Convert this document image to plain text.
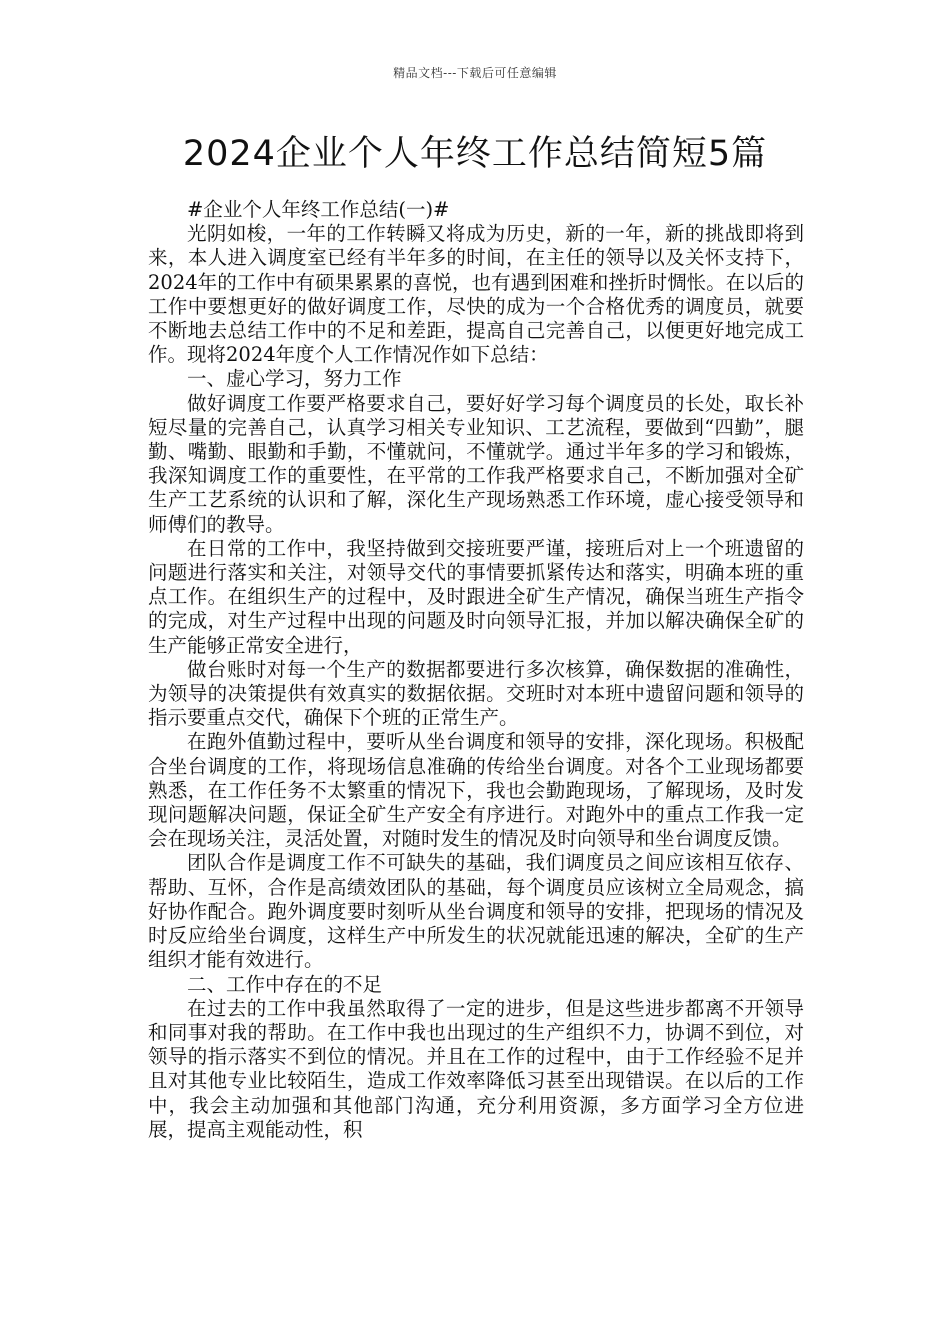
精品文档---下载后可任意编辑
2024企业个人年终工作总结简短5篇

#企业个人年终工作总结(一)#

光阴如梭，一年的工作转瞬又将成为历史，新的一年，新的挑战即将到来，本人进入调度室已经有半年多的时间，在主任的领导以及关怀支持下，2024年的工作中有硕果累累的喜悦，也有遇到困难和挫折时惆怅。在以后的工作中要想更好的做好调度工作，尽快的成为一个合格优秀的调度员，就要不断地去总结工作中的不足和差距，提高自己完善自己，以便更好地完成工作。现将2024年度个人工作情况作如下总结：

一、虚心学习，努力工作

做好调度工作要严格要求自己，要好好学习每个调度员的长处，取长补短尽量的完善自己，认真学习相关专业知识、工艺流程，要做到“四勤”，腿勤、嘴勤、眼勤和手勤，不懂就问，不懂就学。通过半年多的学习和锻炼，我深知调度工作的重要性，在平常的工作我严格要求自己，不断加强对全矿生产工艺系统的认识和了解，深化生产现场熟悉工作环境，虚心接受领导和师傅们的教导。

在日常的工作中，我坚持做到交接班要严谨，接班后对上一个班遗留的问题进行落实和关注，对领导交代的事情要抓紧传达和落实，明确本班的重点工作。在组织生产的过程中，及时跟进全矿生产情况，确保当班生产指令的完成，对生产过程中出现的问题及时向领导汇报，并加以解决确保全矿的生产能够正常安全进行，

做台账时对每一个生产的数据都要进行多次核算，确保数据的准确性，为领导的决策提供有效真实的数据依据。交班时对本班中遗留问题和领导的指示要重点交代，确保下个班的正常生产。

在跑外值勤过程中，要听从坐台调度和领导的安排，深化现场。积极配合坐台调度的工作，将现场信息准确的传给坐台调度。对各个工业现场都要熟悉，在工作任务不太繁重的情况下，我也会勤跑现场，了解现场，及时发现问题解决问题，保证全矿生产安全有序进行。对跑外中的重点工作我一定会在现场关注，灵活处置，对随时发生的情况及时向领导和坐台调度反馈。

团队合作是调度工作不可缺失的基础，我们调度员之间应该相互依存、帮助、互怀，合作是高绩效团队的基础，每个调度员应该树立全局观念，搞好协作配合。跑外调度要时刻听从坐台调度和领导的安排，把现场的情况及时反应给坐台调度，这样生产中所发生的状况就能迅速的解决，全矿的生产组织才能有效进行。

二、工作中存在的不足

在过去的工作中我虽然取得了一定的进步，但是这些进步都离不开领导和同事对我的帮助。在工作中我也出现过的生产组织不力，协调不到位，对领导的指示落实不到位的情况。并且在工作的过程中，由于工作经验不足并且对其他专业比较陌生，造成工作效率降低习甚至出现错误。在以后的工作中，我会主动加强和其他部门沟通，充分利用资源，多方面学习全方位进展，提高主观能动性，积
